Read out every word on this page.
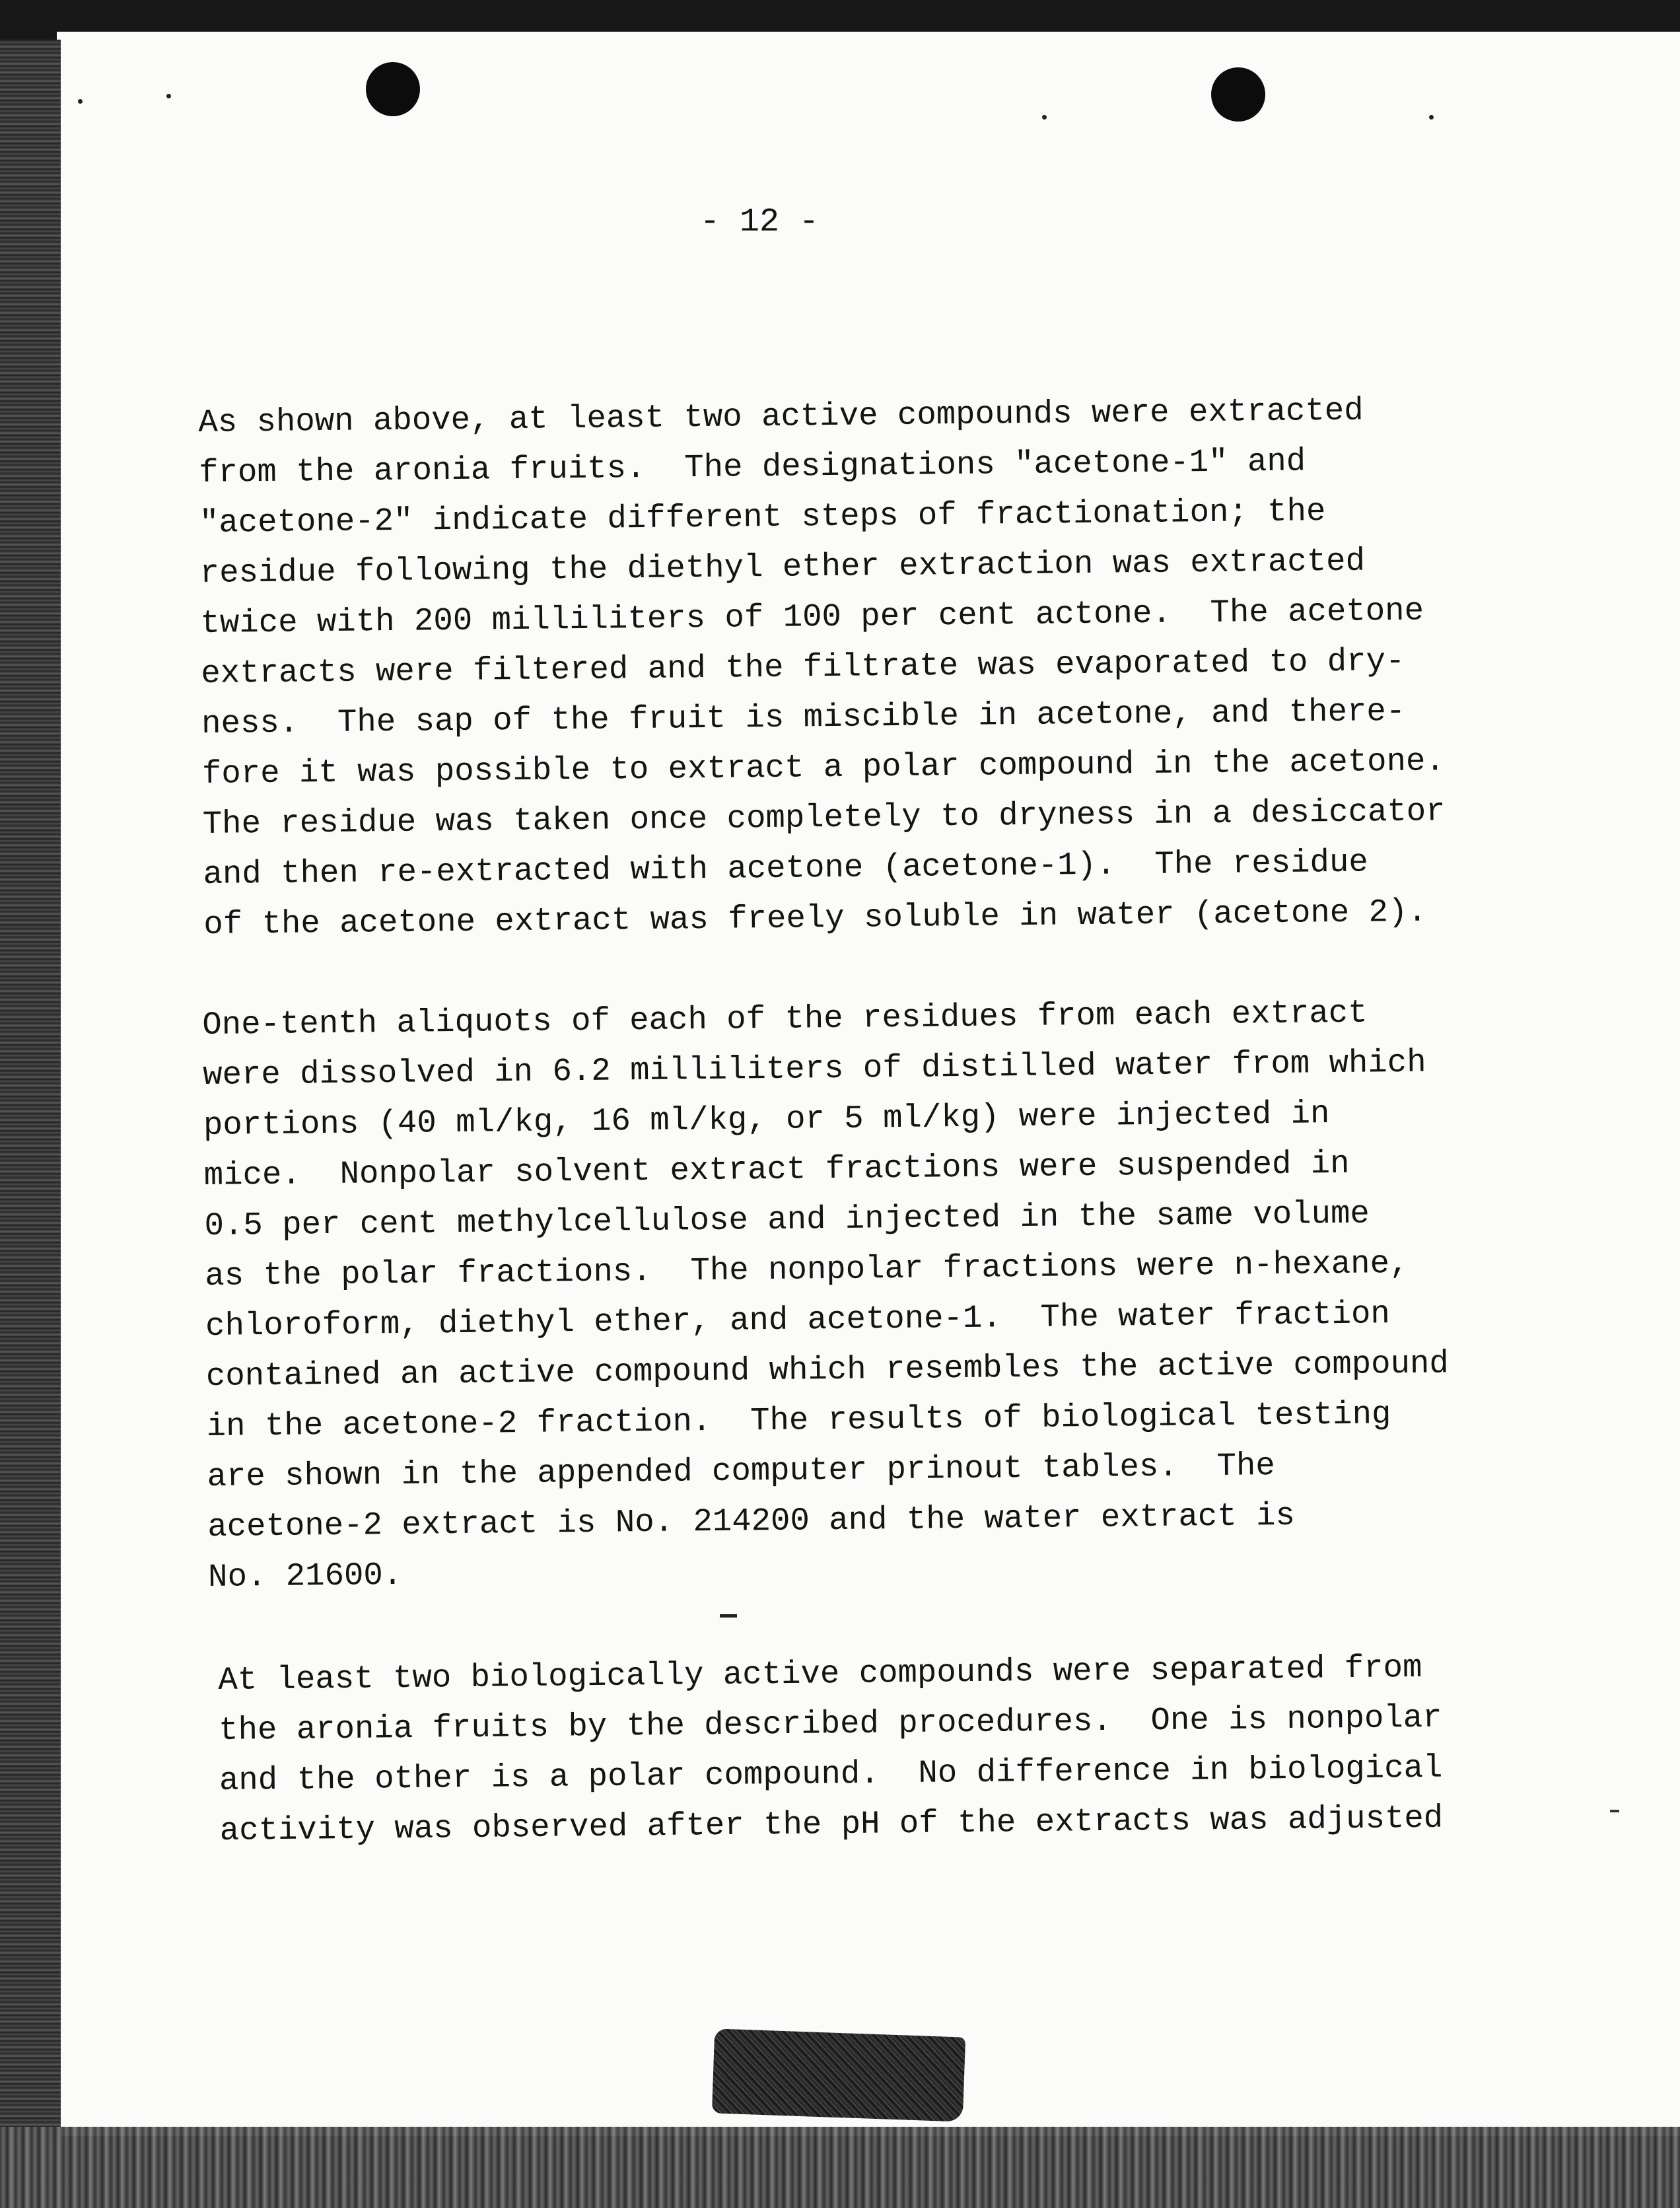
- 12 -
As shown above, at least two active compounds were extracted
from the aronia fruits.  The designations "acetone-1" and
"acetone-2" indicate different steps of fractionation; the
residue following the diethyl ether extraction was extracted
twice with 200 milliliters of 100 per cent actone.  The acetone
extracts were filtered and the filtrate was evaporated to dry-
ness.  The sap of the fruit is miscible in acetone, and there-
fore it was possible to extract a polar compound in the acetone.
The residue was taken once completely to dryness in a desiccator
and then re-extracted with acetone (acetone-1).  The residue
of the acetone extract was freely soluble in water (acetone 2).
One-tenth aliquots of each of the residues from each extract
were dissolved in 6.2 milliliters of distilled water from which
portions (40 ml/kg, 16 ml/kg, or 5 ml/kg) were injected in
mice.  Nonpolar solvent extract fractions were suspended in
0.5 per cent methylcellulose and injected in the same volume
as the polar fractions.  The nonpolar fractions were n-hexane,
chloroform, diethyl ether, and acetone-1.  The water fraction
contained an active compound which resembles the active compound
in the acetone-2 fraction.  The results of biological testing
are shown in the appended computer prinout tables.  The
acetone-2 extract is No. 214200 and the water extract is
No. 21600.
At least two biologically active compounds were separated from
the aronia fruits by the described procedures.  One is nonpolar
and the other is a polar compound.  No difference in biological
activity was observed after the pH of the extracts was adjusted
